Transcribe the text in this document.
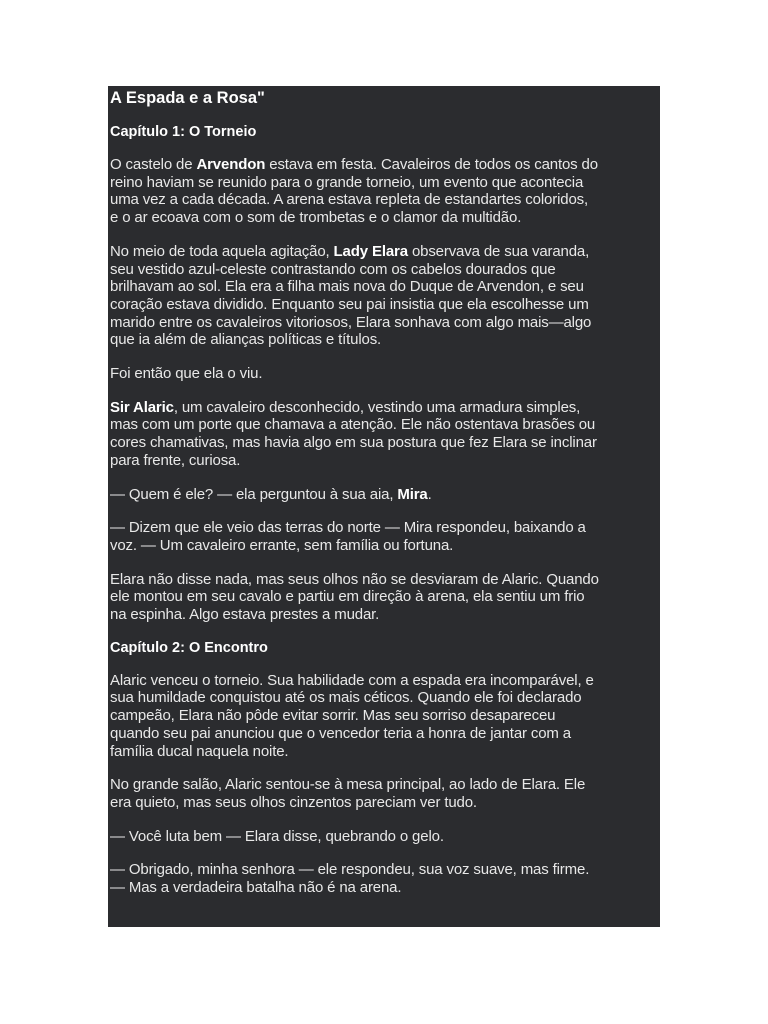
A Espada e a Rosa"
Capítulo 1: O Torneio

O castelo de Arvendon estava em festa. Cavaleiros de todos os cantos do
reino haviam se reunido para o grande torneio, um evento que acontecia
uma vez a cada década. A arena estava repleta de estandartes coloridos,
e o ar ecoava com o som de trombetas e o clamor da multidão.

No meio de toda aquela agitação, Lady Elara observava de sua varanda,
seu vestido azul-celeste contrastando com os cabelos dourados que
brilhavam ao sol. Ela era a filha mais nova do Duque de Arvendon, e seu
coração estava dividido. Enquanto seu pai insistia que ela escolhesse um
marido entre os cavaleiros vitoriosos, Elara sonhava com algo mais—algo
que ia além de alianças políticas e títulos.

Foi então que ela o viu.

Sir Alaric, um cavaleiro desconhecido, vestindo uma armadura simples,
mas com um porte que chamava a atenção. Ele não ostentava brasões ou
cores chamativas, mas havia algo em sua postura que fez Elara se inclinar
para frente, curiosa.

— Quem é ele? — ela perguntou à sua aia, Mira.

— Dizem que ele veio das terras do norte — Mira respondeu, baixando a
voz. — Um cavaleiro errante, sem família ou fortuna.

Elara não disse nada, mas seus olhos não se desviaram de Alaric. Quando
ele montou em seu cavalo e partiu em direção à arena, ela sentiu um frio
na espinha. Algo estava prestes a mudar.

Capítulo 2: O Encontro

Alaric venceu o torneio. Sua habilidade com a espada era incomparável, e
sua humildade conquistou até os mais céticos. Quando ele foi declarado
campeão, Elara não pôde evitar sorrir. Mas seu sorriso desapareceu
quando seu pai anunciou que o vencedor teria a honra de jantar com a
família ducal naquela noite.

No grande salão, Alaric sentou-se à mesa principal, ao lado de Elara. Ele
era quieto, mas seus olhos cinzentos pareciam ver tudo.

— Você luta bem — Elara disse, quebrando o gelo.

— Obrigado, minha senhora — ele respondeu, sua voz suave, mas firme.
— Mas a verdadeira batalha não é na arena.
